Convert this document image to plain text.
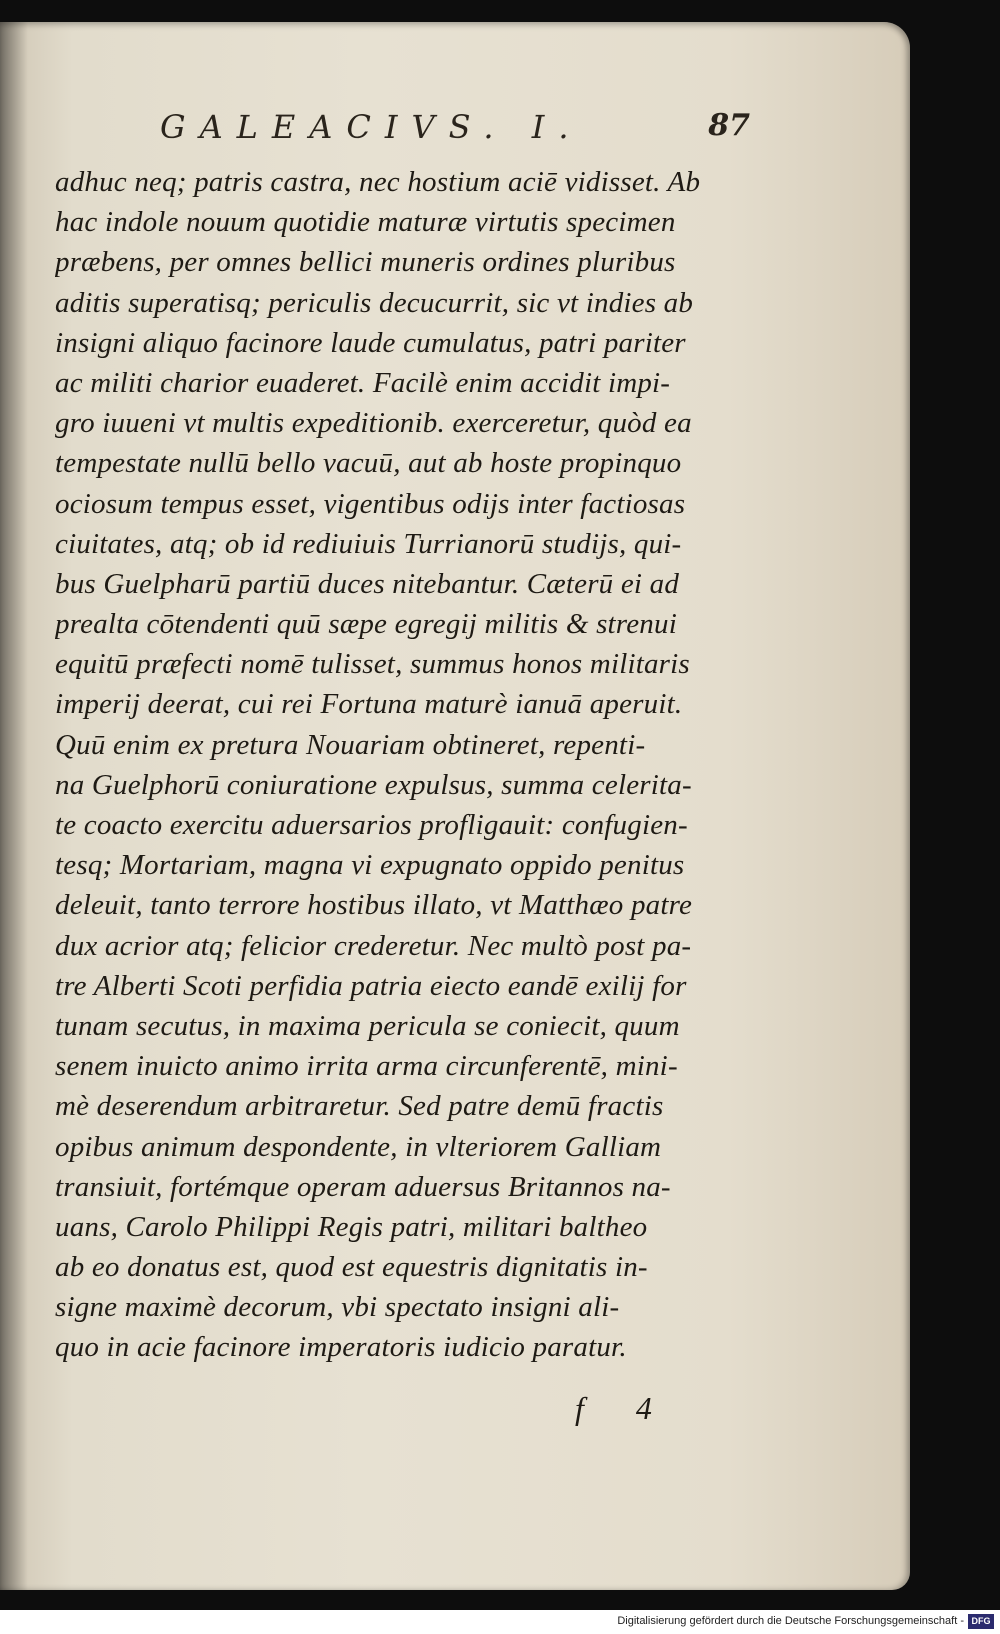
GALEACIVS. I.	87
adhuc neq; patris castra, nec hostium aciē vidisset. Ab
hac indole nouum quotidie maturæ virtutis specimen
præbens, per omnes bellici muneris ordines pluribus
aditis superatisq; periculis decucurrit, sic vt indies ab
insigni aliquo facinore laude cumulatus, patri pariter
ac militi charior euaderet. Facilè enim accidit impi-
gro iuueni vt multis expeditionib. exerceretur, quòd ea
tempestate nullū bello vacuū, aut ab hoste propinquo
ociosum tempus esset, vigentibus odijs inter factiosas
ciuitates, atq; ob id rediuiuis Turrianorū studijs, qui-
bus Guelpharū partiū duces nitebantur. Cæterū ei ad
prealta cōtendenti quū sæpe egregij militis & strenui
equitū præfecti nomē tulisset, summus honos militaris
imperij deerat, cui rei Fortuna maturè ianuā aperuit.
Quū enim ex pretura Nouariam obtineret, repenti-
na Guelphorū coniuratione expulsus, summa celerita-
te coacto exercitu aduersarios profligauit: confugien-
tesq; Mortariam, magna vi expugnato oppido penitus
deleuit, tanto terrore hostibus illato, vt Matthæo patre
dux acrior atq; felicior crederetur. Nec multò post pa-
tre Alberti Scoti perfidia patria eiecto eandē exilij for
tunam secutus, in maxima pericula se coniecit, quum
senem inuicto animo irrita arma circunferentē, mini-
mè deserendum arbitraretur. Sed patre demū fractis
opibus animum despondente, in vlteriorem Galliam
transiuit, fortémque operam aduersus Britannos na-
uans, Carolo Philippi Regis patri, militari baltheo
ab eo donatus est, quod est equestris dignitatis in-
signe maximè decorum, vbi spectato insigni ali-
quo in acie facinore imperatoris iudicio paratur.
f 4
Digitalisierung gefördert durch die Deutsche Forschungsgemeinschaft - DFG
